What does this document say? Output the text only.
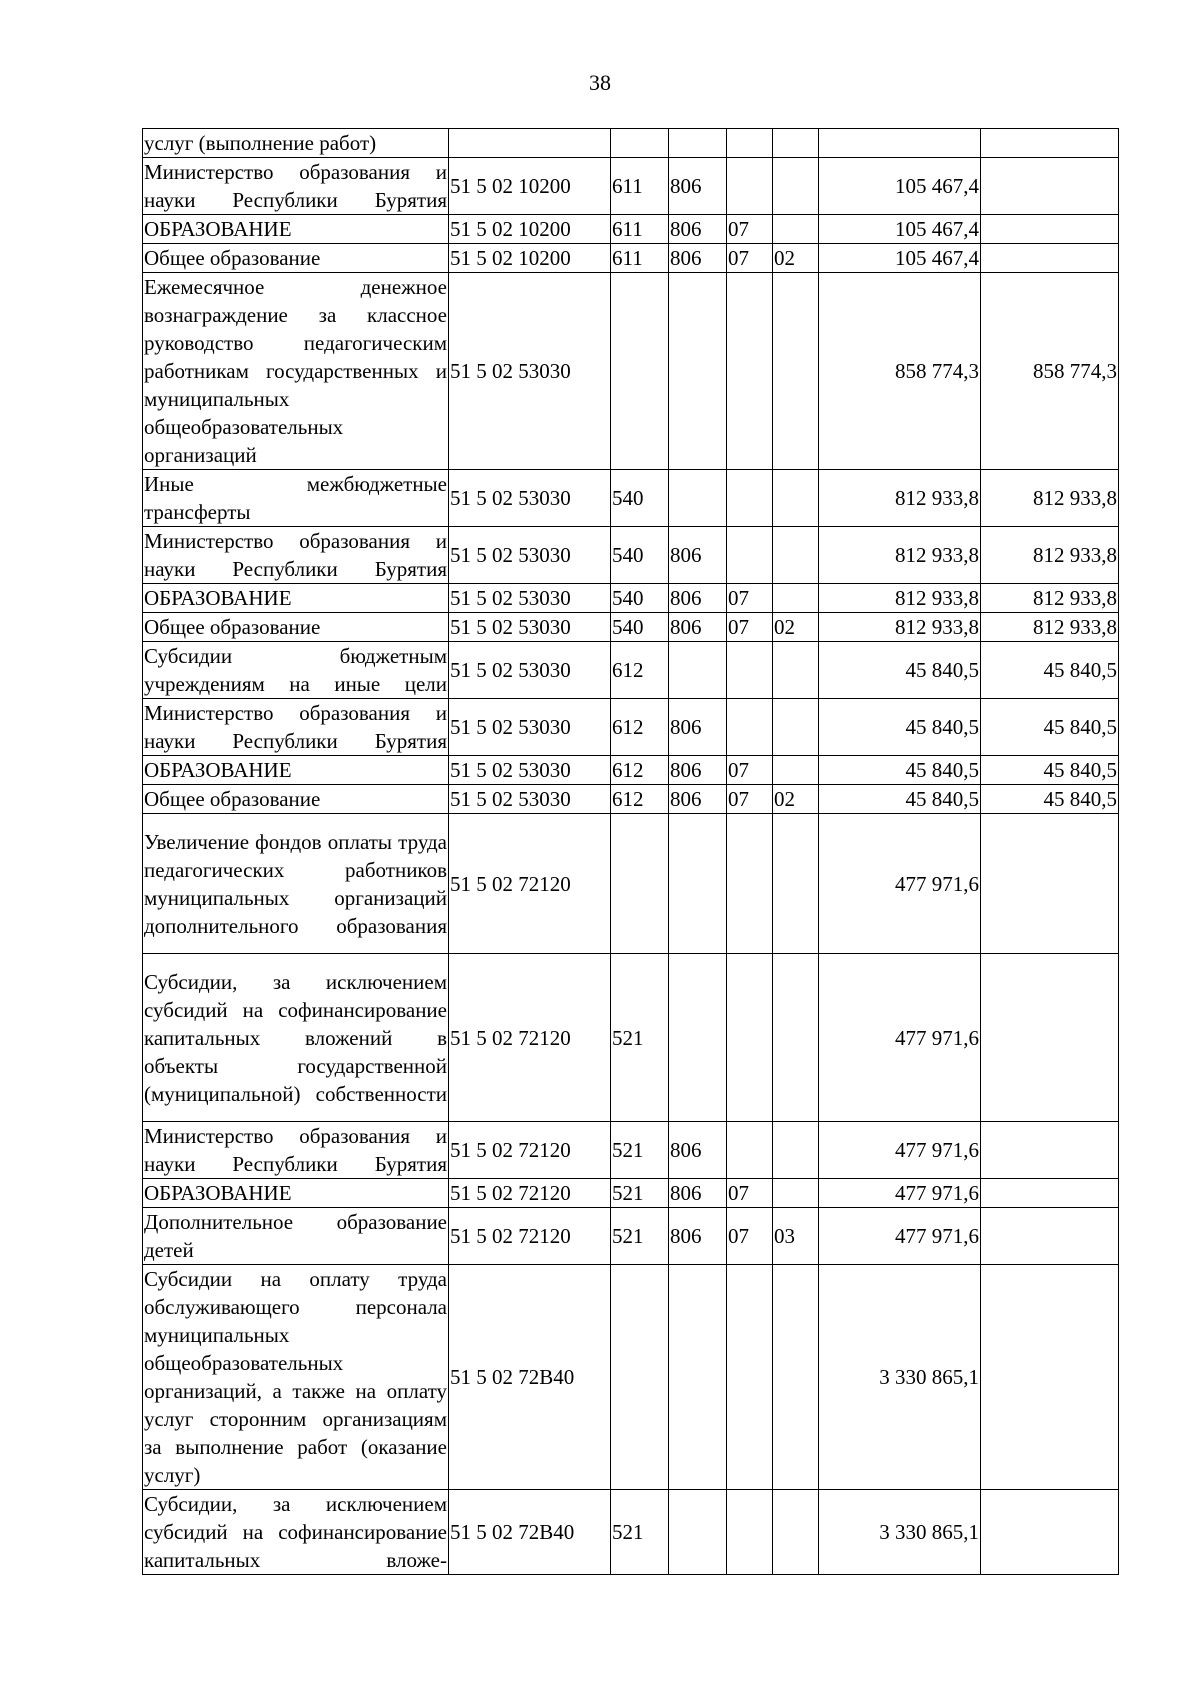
38
услуг (выполнение работ)							
Министерство образования и науки Республики Бурятия	51 5 02 10200	611	806			105 467,4	
ОБРАЗОВАНИЕ	51 5 02 10200	611	806	07		105 467,4	
Общее образование	51 5 02 10200	611	806	07	02	105 467,4	
Ежемесячное денежное вознаграждение за классное руководство педагогическим работникам государственных и муниципальных общеобразовательных организаций	51 5 02 53030					858 774,3	858 774,3
Иные межбюджетные трансферты	51 5 02 53030	540				812 933,8	812 933,8
Министерство образования и науки Республики Бурятия	51 5 02 53030	540	806			812 933,8	812 933,8
ОБРАЗОВАНИЕ	51 5 02 53030	540	806	07		812 933,8	812 933,8
Общее образование	51 5 02 53030	540	806	07	02	812 933,8	812 933,8
Субсидии бюджетным учреждениям на иные цели	51 5 02 53030	612				45 840,5	45 840,5
Министерство образования и науки Республики Бурятия	51 5 02 53030	612	806			45 840,5	45 840,5
ОБРАЗОВАНИЕ	51 5 02 53030	612	806	07		45 840,5	45 840,5
Общее образование	51 5 02 53030	612	806	07	02	45 840,5	45 840,5
Увеличение фондов оплаты труда педагогических работников муниципальных организаций дополнительного образования	51 5 02 72120					477 971,6	
Субсидии, за исключением субсидий на софинансирование капитальных вложений в объекты государственной (муниципальной) собственности	51 5 02 72120	521				477 971,6	
Министерство образования и науки Республики Бурятия	51 5 02 72120	521	806			477 971,6	
ОБРАЗОВАНИЕ	51 5 02 72120	521	806	07		477 971,6	
Дополнительное образование детей	51 5 02 72120	521	806	07	03	477 971,6	
Субсидии на оплату труда обслуживающего персонала муниципальных общеобразовательных организаций, а также на оплату услуг сторонним организациям за выполнение работ (оказание услуг)	51 5 02 72В40					3 330 865,1	
Субсидии, за исключением субсидий на софинансирование капитальных вложе-	51 5 02 72В40	521				3 330 865,1	
